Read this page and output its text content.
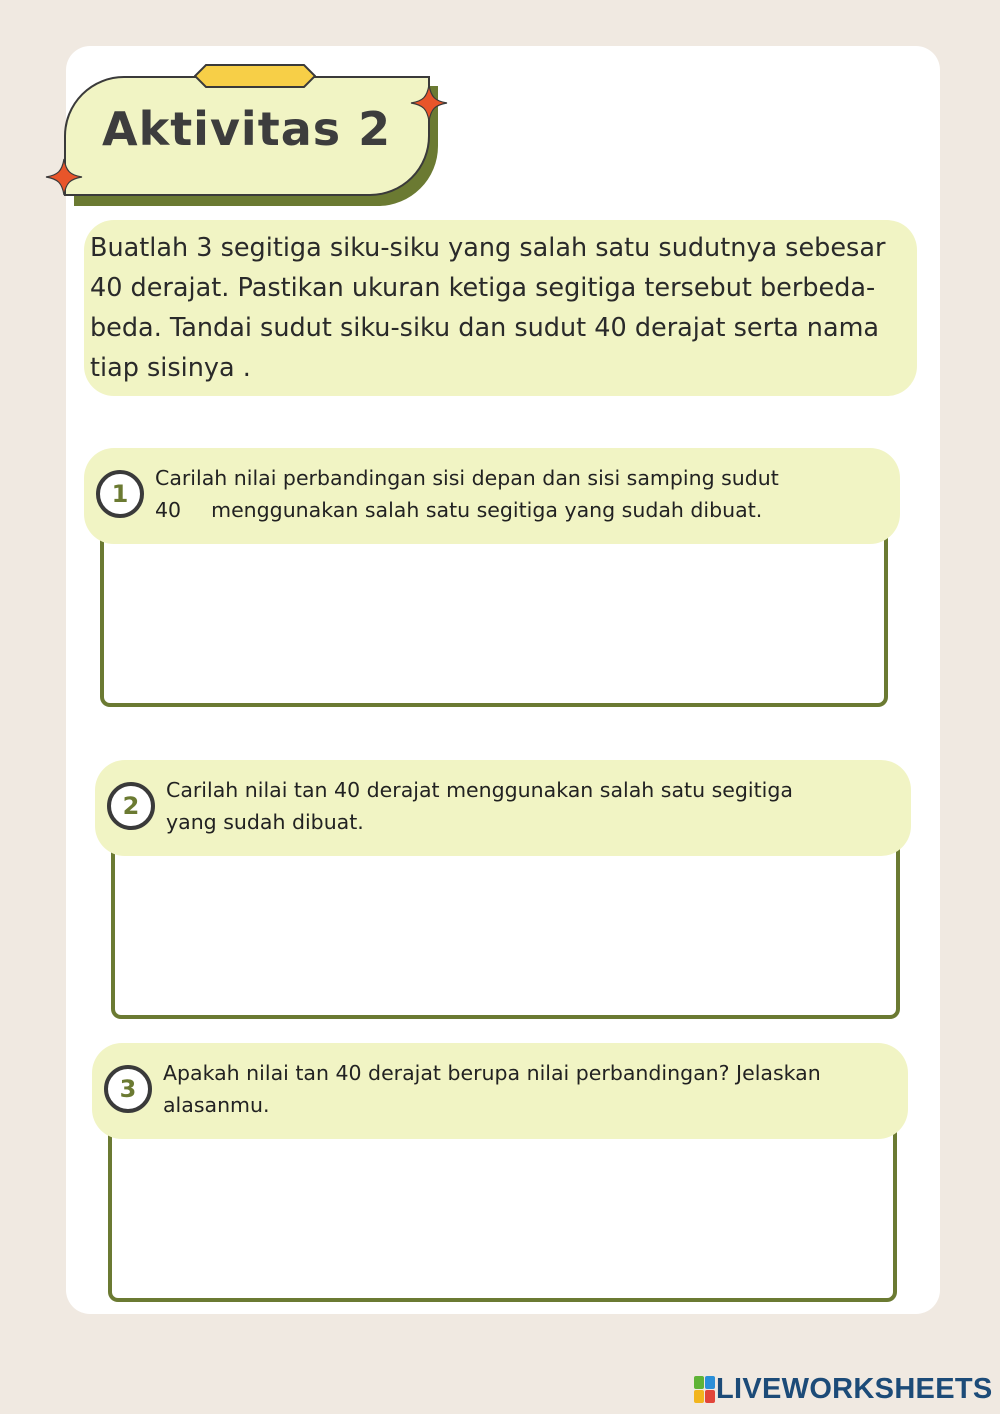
Aktivitas 2
Buatlah 3 segitiga siku-siku yang salah satu sudutnya sebesar 40 derajat. Pastikan ukuran ketiga segitiga tersebut berbeda-beda. Tandai sudut siku-siku dan sudut 40 derajat serta nama tiap sisinya .
1
Carilah nilai perbandingan sisi depan dan sisi samping sudut
40 menggunakan salah satu segitiga yang sudah dibuat.
2
Carilah nilai tan 40 derajat menggunakan salah satu segitiga
yang sudah dibuat.
3
Apakah nilai tan 40 derajat berupa nilai perbandingan? Jelaskan
alasanmu.
LIVEWORKSHEETS
